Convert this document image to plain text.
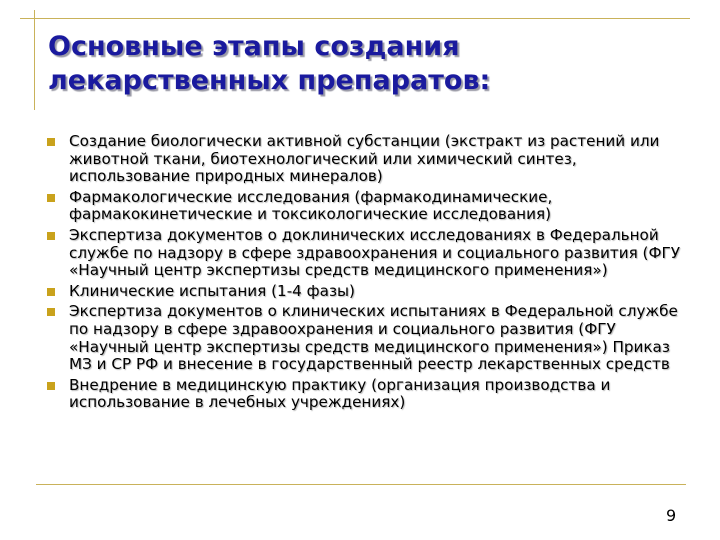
Основные этапы создания лекарственных препаратов:
Создание биологически активной субстанции (экстракт из растений или животной ткани, биотехнологический или химический синтез, использование природных минералов)
Фармакологические исследования (фармакодинамические, фармакокинетические и токсикологические исследования)
Экспертиза документов о доклинических исследованиях в Федеральной службе по надзору в сфере здравоохранения и социального развития (ФГУ «Научный центр экспертизы средств медицинского применения»)
Клинические испытания (1-4 фазы)
Экспертиза документов о клинических испытаниях в Федеральной службе по надзору в сфере здравоохранения и социального развития (ФГУ «Научный центр экспертизы средств медицинского применения») Приказ МЗ и СР РФ и внесение в государственный реестр лекарственных средств
Внедрение в медицинскую практику (организация производства и использование в лечебных учреждениях)
9
